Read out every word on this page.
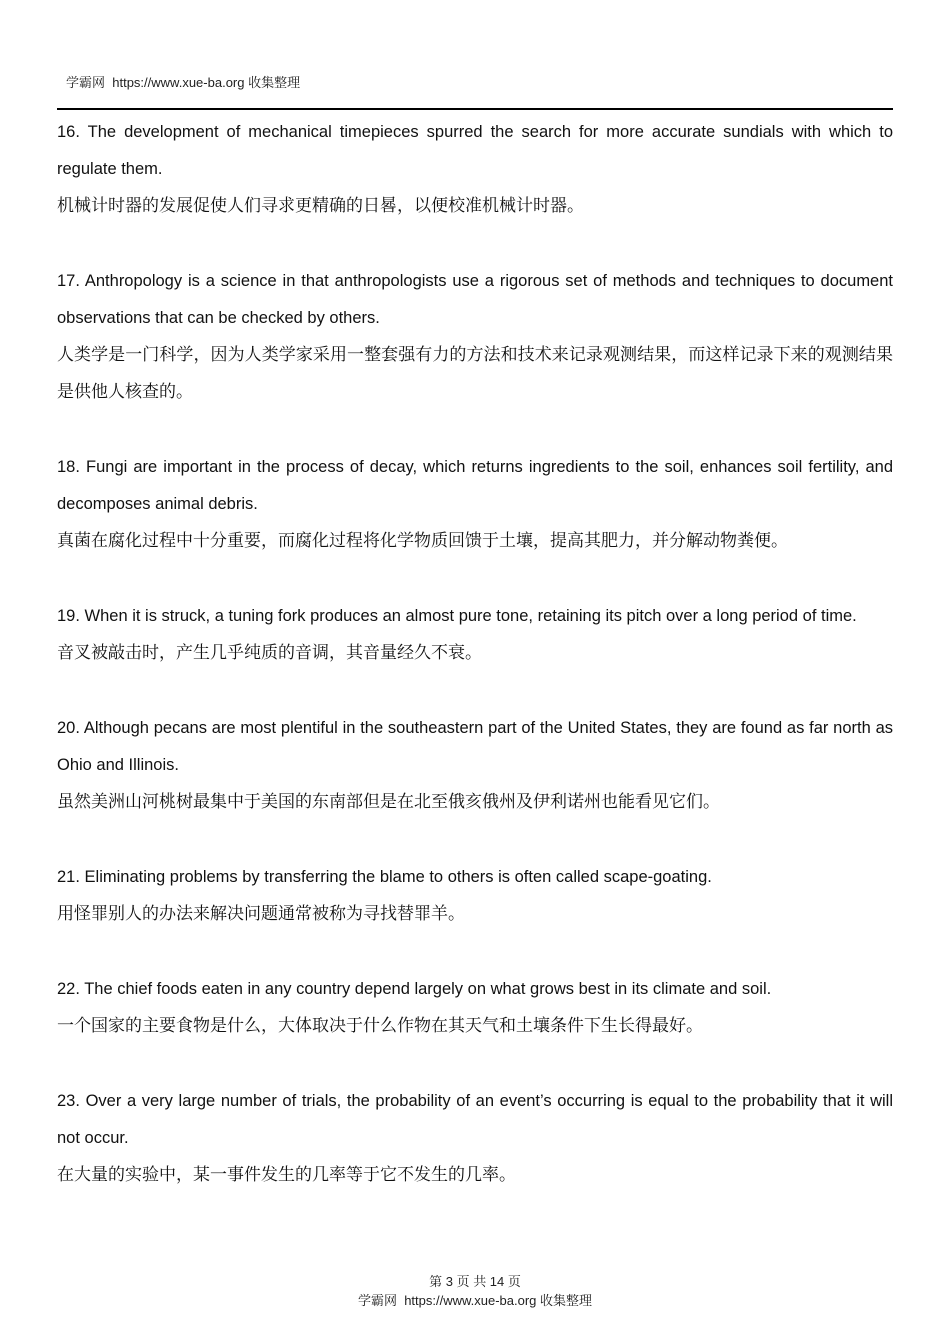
学霸网 https://www.xue-ba.org 收集整理

16. The development of mechanical timepieces spurred the search for more accurate sundials with which to regulate them.

机械计时器的发展促使人们寻求更精确的日晷，以便校准机械计时器。

17. Anthropology is a science in that anthropologists use a rigorous set of methods and techniques to document observations that can be checked by others.

人类学是一门科学，因为人类学家采用一整套强有力的方法和技术来记录观测结果，而这样记录下来的观测结果是供他人核查的。

18. Fungi are important in the process of decay, which returns ingredients to the soil, enhances soil fertility, and decomposes animal debris.

真菌在腐化过程中十分重要，而腐化过程将化学物质回馈于土壤，提高其肥力，并分解动物粪便。

19. When it is struck, a tuning fork produces an almost pure tone, retaining its pitch over a long period of time.

音叉被敲击时，产生几乎纯质的音调，其音量经久不衰。

20. Although pecans are most plentiful in the southeastern part of the United States, they are found as far north as Ohio and Illinois.

虽然美洲山河桃树最集中于美国的东南部但是在北至俄亥俄州及伊利诺州也能看见它们。

21. Eliminating problems by transferring the blame to others is often called scape-goating.

用怪罪别人的办法来解决问题通常被称为寻找替罪羊。

22. The chief foods eaten in any country depend largely on what grows best in its climate and soil.

一个国家的主要食物是什么，大体取决于什么作物在其天气和土壤条件下生长得最好。

23. Over a very large number of trials, the probability of an event’s occurring is equal to the probability that it will not occur.

在大量的实验中，某一事件发生的几率等于它不发生的几率。

第 3 页 共 14 页
学霸网 https://www.xue-ba.org 收集整理
